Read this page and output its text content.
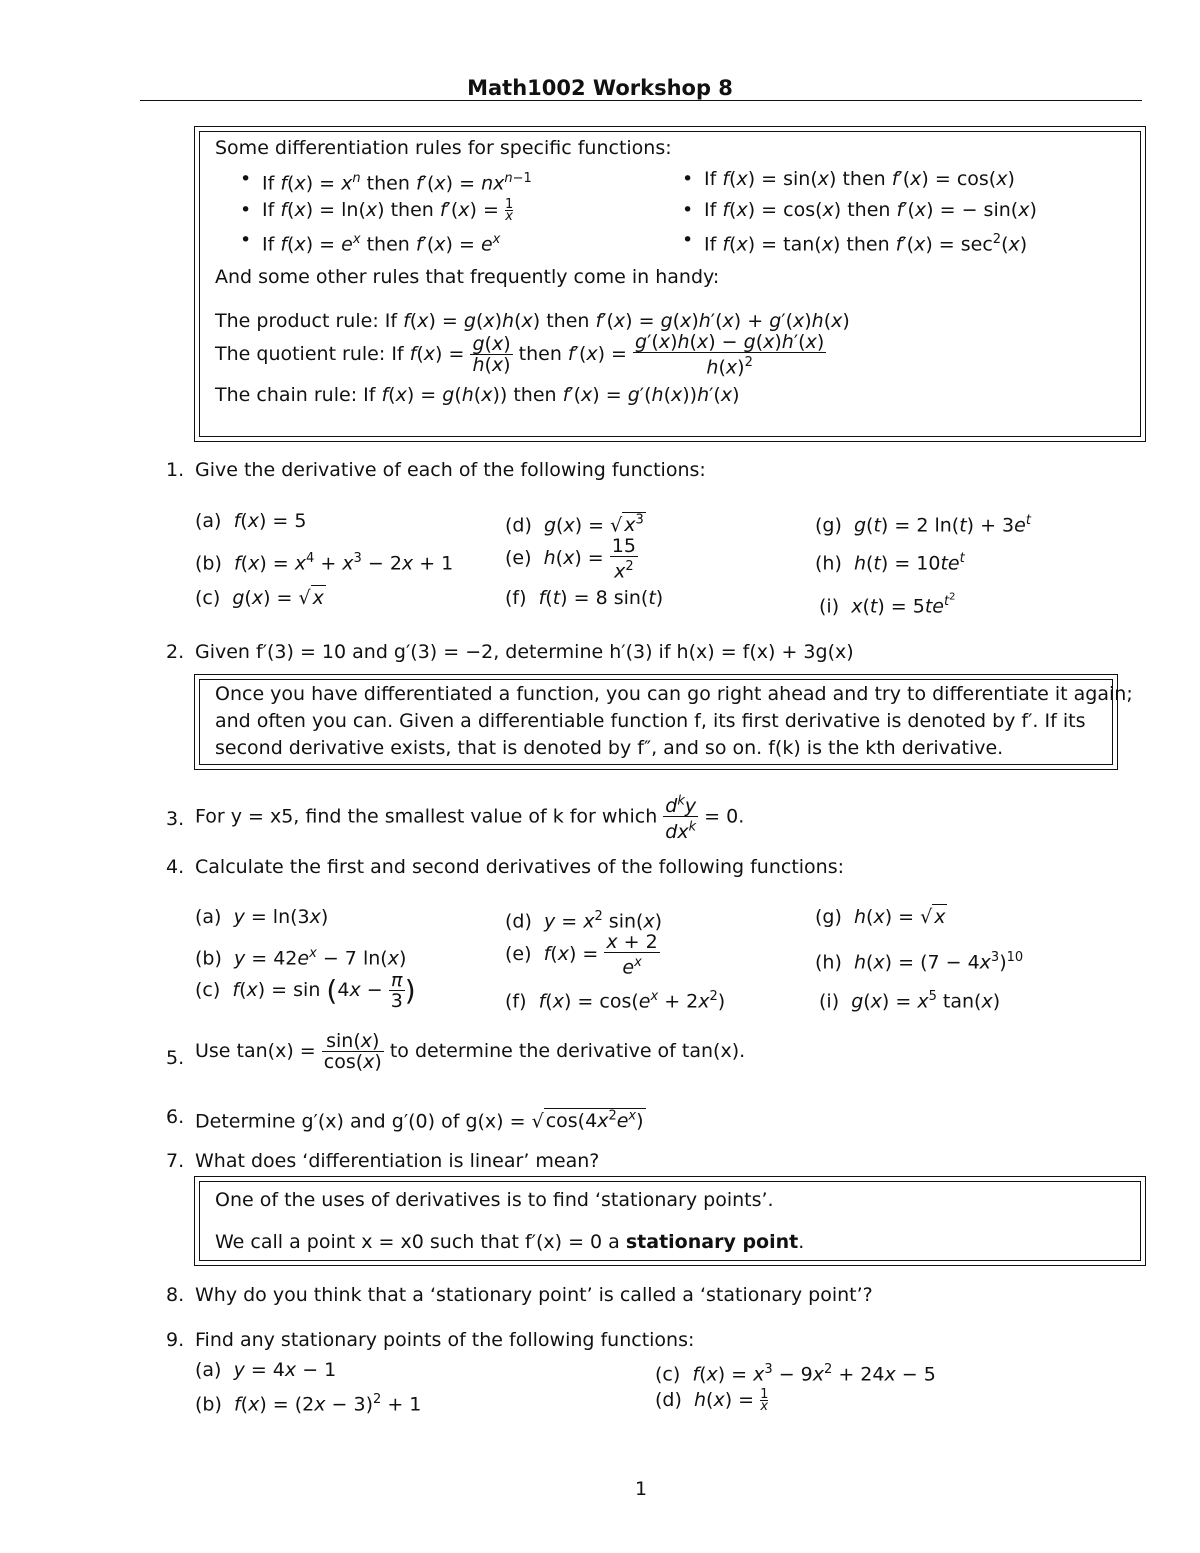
Math1002 Workshop 8
Some differentiation rules for specific functions:
• If $f(x) = x^n$ then $f'(x) = nx^{n-1}$
• If f(x) = ln(x) then $f'(x) = \frac{1}{x}$
• If $f(x) = e^x$ then $f'(x) = e^x$
• If f(x) = sin(x) then f′(x) = cos(x)
• If f(x) = cos(x) then f′(x) = − sin(x)
• If f(x) = tan(x) then $f'(x) = \sec^2(x)$
And some other rules that frequently come in handy:
The product rule: If f(x) = g(x)h(x) then f′(x) = g(x)h′(x) + g′(x)h(x)
The quotient rule: If $f(x) = \frac{g(x)}{h(x)}$ then $f'(x) = \frac{g'(x)h(x) - g(x)h'(x)}{h(x)^2}$
The chain rule: If f(x) = g(h(x)) then f′(x) = g′(h(x))h′(x)
1. Give the derivative of each of the following functions:
(a)  f(x) = 5
(b)  $f(x) = x^4 + x^3 - 2x + 1$
(c)  g(x) = √ x
(d)  g(x) = √ $x^3$
(e)  $h(x) = \frac{15}{x^2}$
(f)  f(t) = 8 sin(t)
(g)  g(t) = 2 $\ln(t) + 3e^t$
(h)  $h(t) = 10te^t$
(i)  $x(t) = 5te^{t^2}$
2. Given f′(3) = 10 and g′(3) = −2, determine h′(3) if h(x) = f(x) + 3g(x)
Once you have differentiated a function, you can go right ahead and try to differentiate it again;
and often you can. Given a differentiable function f, its first derivative is denoted by f′. If its
second derivative exists, that is denoted by f″, and so on. f(k) is the kth derivative.
3. For y = x5, find the smallest value of k for which $\frac{d^ky}{dx^k} = 0$.
4. Calculate the first and second derivatives of the following functions:
(a)  y = ln(3x)
(b)  $y = 42e^x - 7$ ln(x)
(c)  $f(x) = \sin (4x - \frac{\pi}{3}$ )
(d)  $y = x^2$ sin(x)
(e)  $f(x) = \frac{x + 2}{e^x}$
(f)  $f(x) = \cos(e^x + 2x^2)$
(g)  h(x) = √ x
(h)  $h(x) = (7 - 4x^3)^{10}$
(i)  $g(x) = x^5$ tan(x)
5. Use $\tan(x) = \frac{\sin(x)}{\cos(x)}$ to determine the derivative of tan(x).
6. Determine g′(x) and g′(0) of g(x) = √ $\cos(4x^2e^x)$
7. What does ‘differentiation is linear’ mean?
One of the uses of derivatives is to find ‘stationary points’.
We call a point x = x0 such that f′(x) = 0 a stationary point.
8. Why do you think that a ‘stationary point’ is called a ‘stationary point’?
9. Find any stationary points of the following functions:
(a)  y = 4x − 1
(b)  $f(x) = (2x - 3)^2 + 1$
(c)  $f(x) = x^3 - 9x^2 + 24x - 5$
(d)  $h(x) = \frac{1}{x}$
1
